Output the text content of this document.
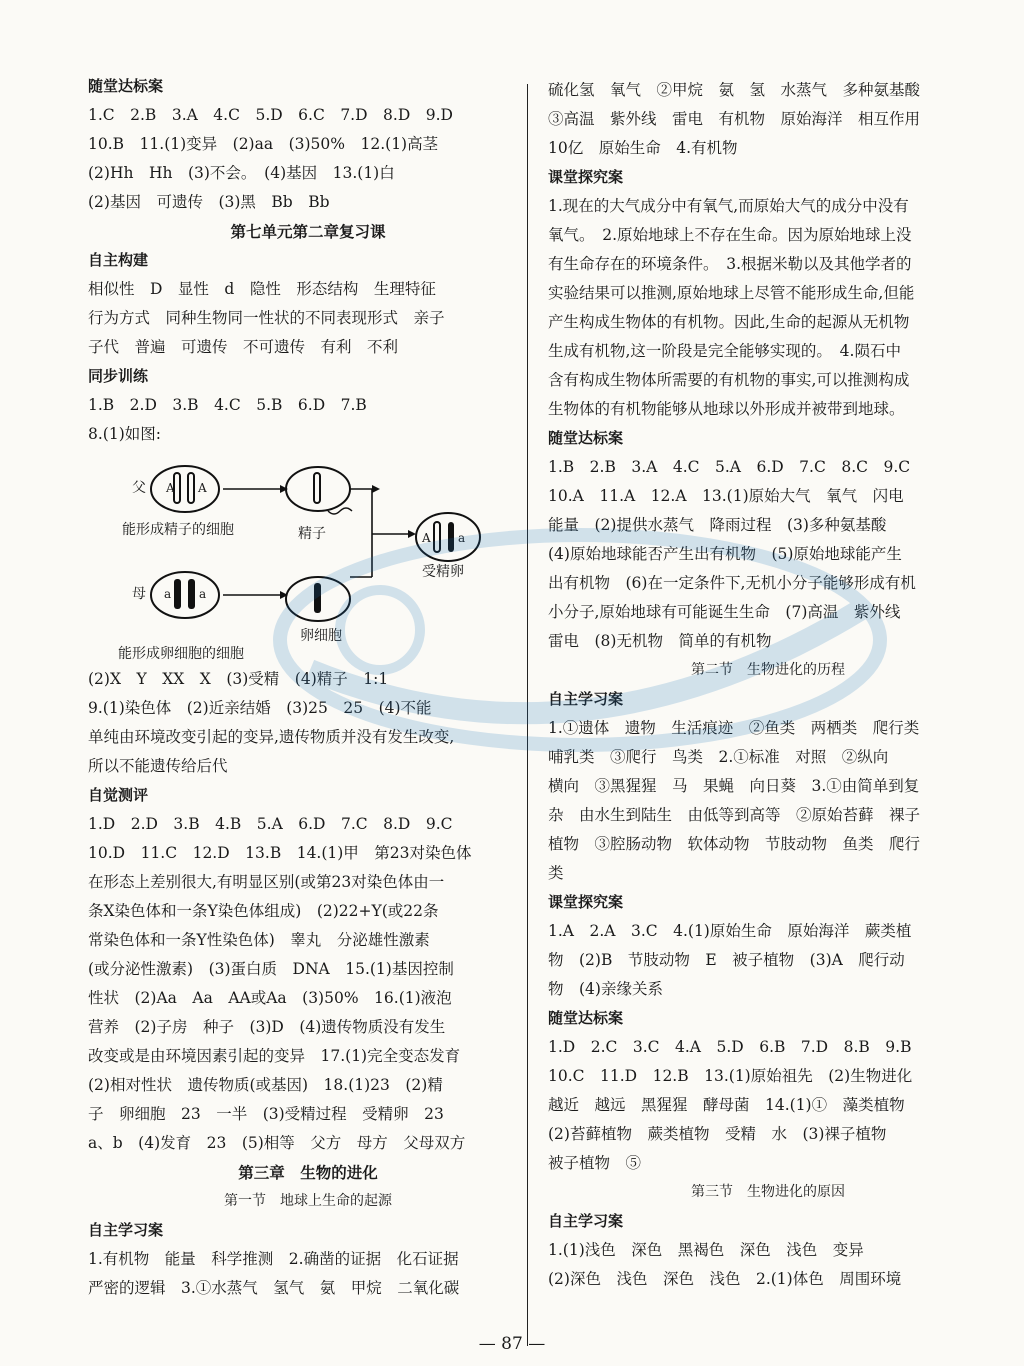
随堂达标案
1.C　2.B　3.A　4.C　5.D　6.C　7.D　8.D　9.D
10.B　11.(1)变异　(2)aa　(3)50%　12.(1)高茎
(2)Hh　Hh　(3)不会。　(4)基因　13.(1)白
(2)基因　可遗传　(3)黑　Bb　Bb
第七单元第二章复习课
自主构建
相似性　D　显性　d　隐性　形态结构　生理特征
行为方式　同种生物同一性状的不同表现形式　亲子
子代　普遍　可遗传　不可遗传　有利　不利
同步训练
1.B　2.D　3.B　4.C　5.B　6.D　7.B
8.(1)如图:
父 A A
能形成精子的细胞	精子	A a
受精卵
母 a a
卵细胞
能形成卵细胞的细胞
(2)X　Y　XX　X　(3)受精　(4)精子　1:1
9.(1)染色体　(2)近亲结婚　(3)25　25　(4)不能
单纯由环境改变引起的变异,遗传物质并没有发生改变,
所以不能遗传给后代
自觉测评
1.D　2.D　3.B　4.B　5.A　6.D　7.C　8.D　9.C
10.D　11.C　12.D　13.B　14.(1)甲　第23对染色体
在形态上差别很大,有明显区别(或第23对染色体由一
条X染色体和一条Y染色体组成)　(2)22+Y(或22条
常染色体和一条Y性染色体)　睾丸　分泌雄性激素
(或分泌性激素)　(3)蛋白质　DNA　15.(1)基因控制
性状　(2)Aa　Aa　AA或Aa　(3)50%　16.(1)液泡
营养　(2)子房　种子　(3)D　(4)遗传物质没有发生
改变或是由环境因素引起的变异　17.(1)完全变态发育
(2)相对性状　遗传物质(或基因)　18.(1)23　(2)精
子　卵细胞　23　一半　(3)受精过程　受精卵　23
a、b　(4)发育　23　(5)相等　父方　母方　父母双方
第三章　生物的进化
第一节　地球上生命的起源
自主学习案
1.有机物　能量　科学推测　2.确凿的证据　化石证据
严密的逻辑　3.①水蒸气　氢气　氨　甲烷　二氧化碳
硫化氢　氧气　②甲烷　氨　氢　水蒸气　多种氨基酸
③高温　紫外线　雷电　有机物　原始海洋　相互作用
10亿　原始生命　4.有机物
课堂探究案
1.现在的大气成分中有氧气,而原始大气的成分中没有
氧气。　2.原始地球上不存在生命。因为原始地球上没
有生命存在的环境条件。　3.根据米勒以及其他学者的
实验结果可以推测,原始地球上尽管不能形成生命,但能
产生构成生物体的有机物。因此,生命的起源从无机物
生成有机物,这一阶段是完全能够实现的。　4.陨石中
含有构成生物体所需要的有机物的事实,可以推测构成
生物体的有机物能够从地球以外形成并被带到地球。
随堂达标案
1.B　2.B　3.A　4.C　5.A　6.D　7.C　8.C　9.C
10.A　11.A　12.A　13.(1)原始大气　氧气　闪电
能量　(2)提供水蒸气　降雨过程　(3)多种氨基酸
(4)原始地球能否产生出有机物　(5)原始地球能产生
出有机物　(6)在一定条件下,无机小分子能够形成有机
小分子,原始地球有可能诞生生命　(7)高温　紫外线
雷电　(8)无机物　简单的有机物
第二节　生物进化的历程
自主学习案
1.①遗体　遗物　生活痕迹　②鱼类　两栖类　爬行类
哺乳类　③爬行　鸟类　2.①标准　对照　②纵向
横向　③黑猩猩　马　果蝇　向日葵　3.①由简单到复
杂　由水生到陆生　由低等到高等　②原始苔藓　裸子
植物　③腔肠动物　软体动物　节肢动物　鱼类　爬行
类
课堂探究案
1.A　2.A　3.C　4.(1)原始生命　原始海洋　蕨类植
物　(2)B　节肢动物　E　被子植物　(3)A　爬行动
物　(4)亲缘关系
随堂达标案
1.D　2.C　3.C　4.A　5.D　6.B　7.D　8.B　9.B
10.C　11.D　12.B　13.(1)原始祖先　(2)生物进化
越近　越远　黑猩猩　酵母菌　14.(1)①　藻类植物
(2)苔藓植物　蕨类植物　受精　水　(3)裸子植物
被子植物　⑤
第三节　生物进化的原因
自主学习案
1.(1)浅色　深色　黑褐色　深色　浅色　变异
(2)深色　浅色　深色　浅色　2.(1)体色　周围环境
— 87 —
